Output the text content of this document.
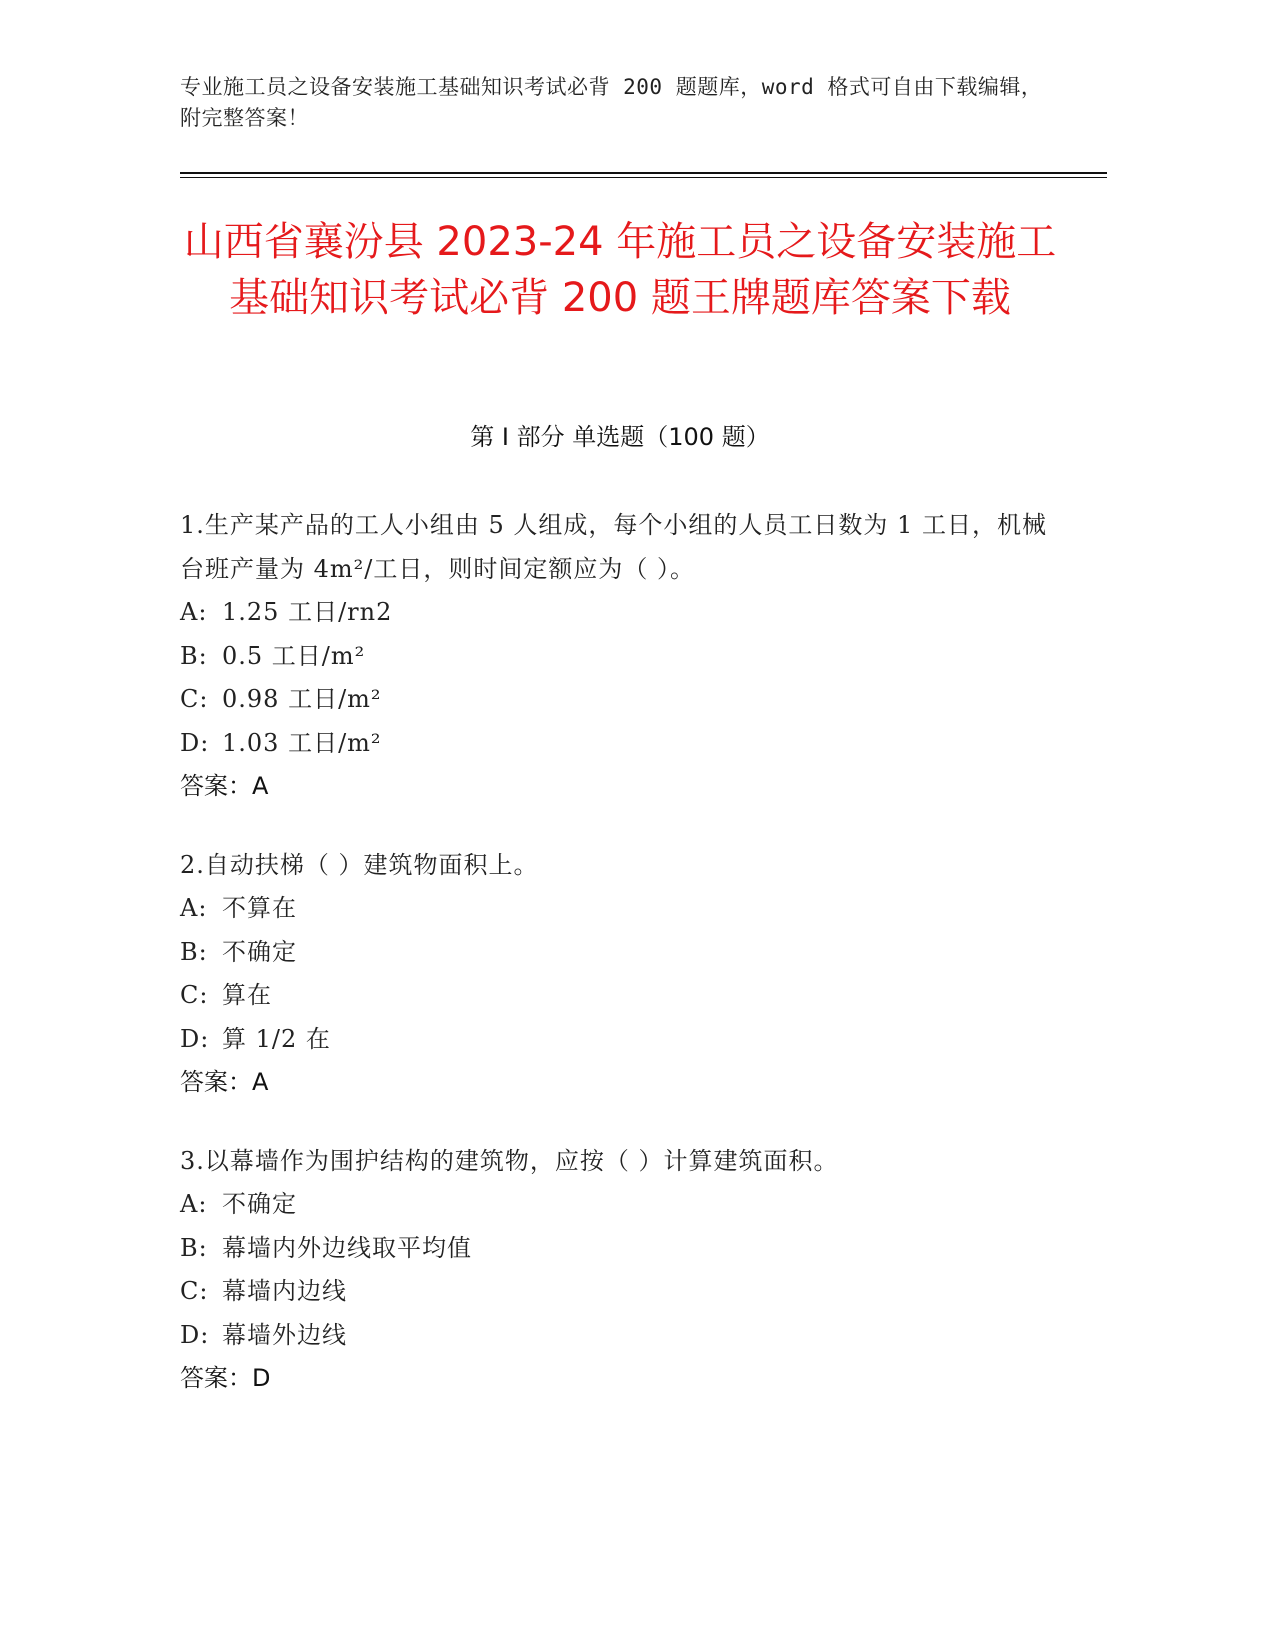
专业施工员之设备安装施工基础知识考试必背 200 题题库，word 格式可自由下载编辑，附完整答案！
山西省襄汾县 2023-24 年施工员之设备安装施工基础知识考试必背 200 题王牌题库答案下载
第 I 部分 单选题（100 题）
1.生产某产品的工人小组由 5 人组成，每个小组的人员工日数为 1 工日，机械台班产量为 4m²/工日，则时间定额应为（ ）。
A: 1.25 工日/rn2
B: 0.5 工日/m²
C: 0.98 工日/m²
D: 1.03 工日/m²
答案：A
2.自动扶梯（ ）建筑物面积上。
A: 不算在
B: 不确定
C: 算在
D: 算 1/2 在
答案：A
3.以幕墙作为围护结构的建筑物，应按（ ）计算建筑面积。
A: 不确定
B: 幕墙内外边线取平均值
C: 幕墙内边线
D: 幕墙外边线
答案：D
